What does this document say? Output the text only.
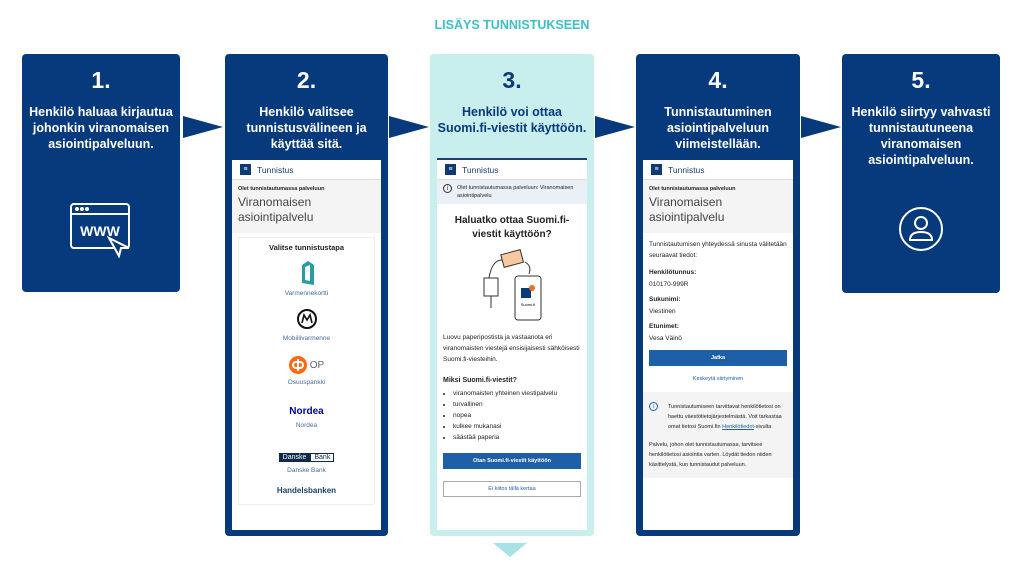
LISÄYS TUNNISTUKSEEN
1.
Henkilö haluaa kirjautua johonkin viranomaisen asiointipalveluun.
WWW
2.
Henkilö valitsee tunnistusvälineen ja käyttää sitä.
≡	Tunnistus
Olet tunnistautumassa palveluun
Viranomaisen asiointipalvelu
Valitse tunnistustapa
Varmennekortti
Mobiilivarmenne
OP
Osuuspankki
Nordea
Nordea
Danske	Bank
Danske Bank
Handelsbanken
3.
Henkilö voi ottaa Suomi.fi-viestit käyttöön.
≡	Tunnistus
i	Olet tunnistautumassa palveluun: Viranomaisen asiointipalvelu
Haluatko ottaa Suomi.fi-viestit käyttöön?
Suomi.fi
Luovu paperipostista ja vastaanota eri viranomaisten viestejä ensisijaisesti sähköisesti Suomi.fi-viesteihin.
Miksi Suomi.fi-viestit?
• viranomaisten yhteinen viestipalvelu
• turvallinen
• nopea
• kulkee mukanasi
• säästää paperia
Otan Suomi.fi-viestit käyttöön
Ei kiitos tällä kertaa
4.
Tunnistautuminen asiointipalveluun viimeistellään.
≡	Tunnistus
Olet tunnistautumassa palveluun
Viranomaisen asiointipalvelu
Tunnistautumisen yhteydessä sinusta välitetään seuraavat tiedot:
Henkilötunnus:
010170-999R
Sukunimi:
Viestinen
Etunimet:
Vesa Väinö
Jatka
Keskeytä siirtyminen
i	Tunnistautumiseen tarvittavat henkilötietosi on haettu väestötietojärjestelmästä. Voit tarkastaa omat tietosi Suomi.fin Henkilötiedot-sivulta
Palvelu, johon olet tunnistautumassa, tarvitsee henkilötietosi asiointia varten. Löydät tiedon niiden käsittelystä, kun tunnistaudut palveluun.
5.
Henkilö siirtyy vahvasti tunnistautuneena viranomaisen asiointipalveluun.
